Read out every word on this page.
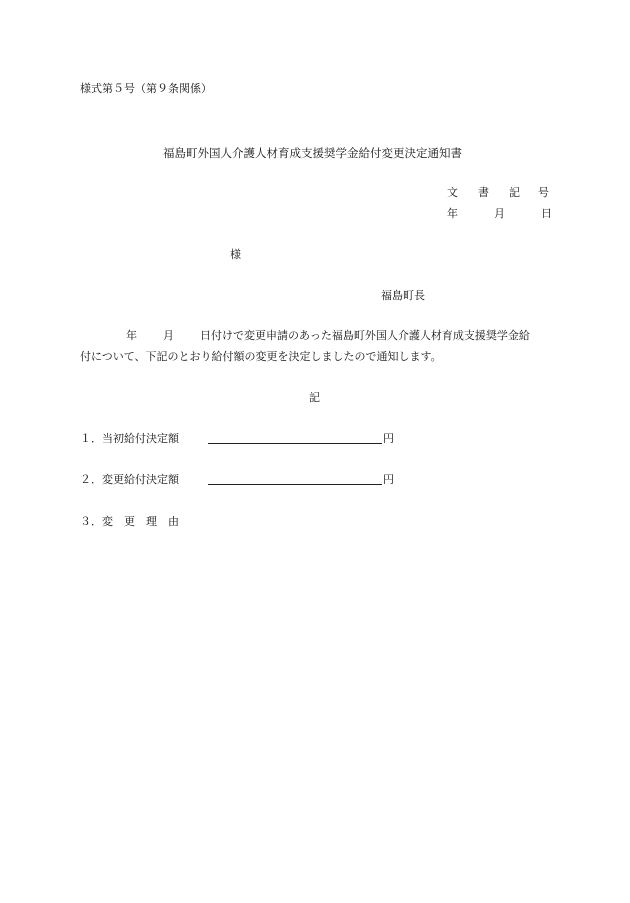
様式第５号（第９条関係）
福島町外国人介護人材育成支援奨学金給付変更決定通知書
文 書 記 号
年	月	日
様
福島町長
年 月 日付けで変更申請のあった福島町外国人介護人材育成支援奨学金給
付について、下記のとおり給付額の変更を決定しましたので通知します。
記
１．当初給付決定額	円
２．変更給付決定額	円
３．変　更　理　由
